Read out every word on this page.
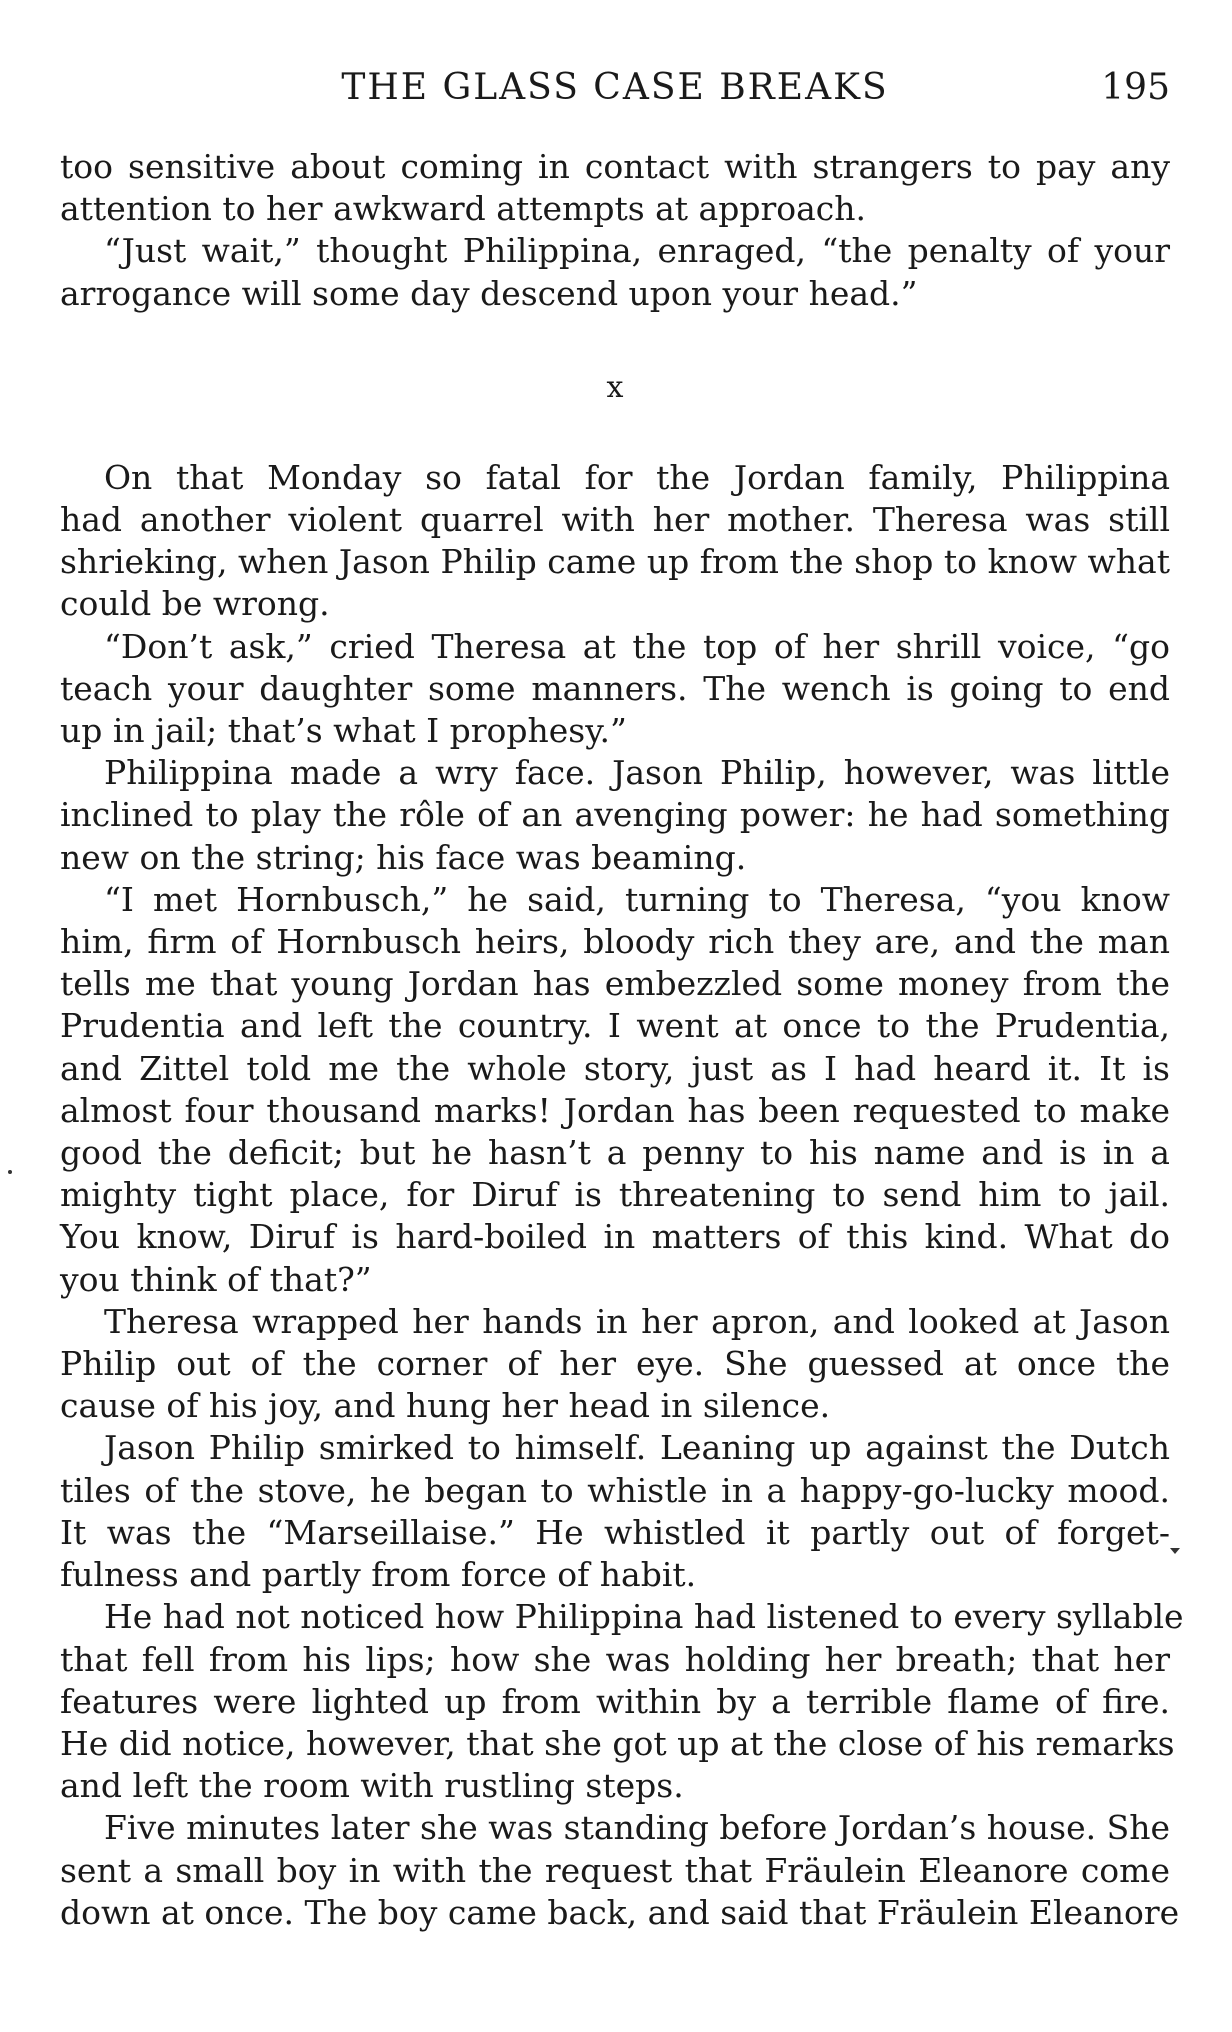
THE GLASS CASE BREAKS	195

too sensitive about coming in contact with strangers to pay any attention to her awkward attempts at approach.

“Just wait,” thought Philippina, enraged, “the penalty of your arrogance will some day descend upon your head.”

x

On that Monday so fatal for the Jordan family, Philippina had another violent quarrel with her mother. Theresa was still shrieking, when Jason Philip came up from the shop to know what could be wrong.

“Don’t ask,” cried Theresa at the top of her shrill voice, “go teach your daughter some manners. The wench is going to end up in jail; that’s what I prophesy.”

Philippina made a wry face. Jason Philip, however, was little inclined to play the rôle of an avenging power: he had something new on the string; his face was beaming.

“I met Hornbusch,” he said, turning to Theresa, “you know him, firm of Hornbusch heirs, bloody rich they are, and the man tells me that young Jordan has embezzled some money from the Prudentia and left the country. I went at once to the Prudentia, and Zittel told me the whole story, just as I had heard it. It is almost four thousand marks! Jordan has been requested to make good the deficit; but he hasn’t a penny to his name and is in a mighty tight place, for Diruf is threatening to send him to jail. You know, Diruf is hard-boiled in matters of this kind. What do you think of that?”

Theresa wrapped her hands in her apron, and looked at Jason Philip out of the corner of her eye. She guessed at once the cause of his joy, and hung her head in silence.

Jason Philip smirked to himself. Leaning up against the Dutch tiles of the stove, he began to whistle in a happy-go-lucky mood. It was the “Marseillaise.” He whistled it partly out of forget- fulness and partly from force of habit.

He had not noticed how Philippina had listened to every syllable that fell from his lips; how she was holding her breath; that her features were lighted up from within by a terrible flame of fire. He did notice, however, that she got up at the close of his remarks and left the room with rustling steps.

Five minutes later she was standing before Jordan’s house. She sent a small boy in with the request that Fräulein Eleanore come down at once. The boy came back, and said that Fräulein Eleanore
